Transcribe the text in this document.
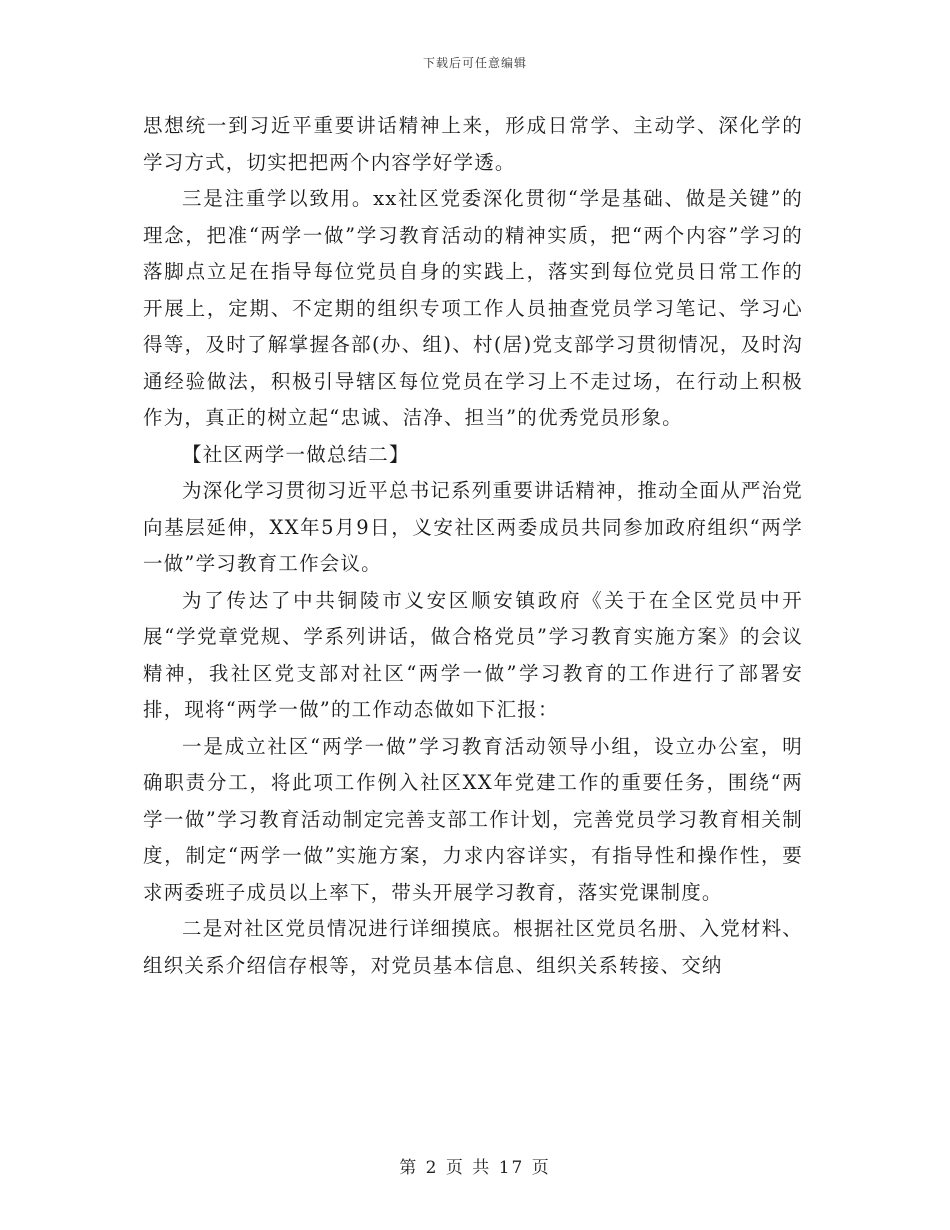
下载后可任意编辑

思想统一到习近平重要讲话精神上来，形成日常学、主动学、深化学的学习方式，切实把把两个内容学好学透。

三是注重学以致用。xx社区党委深化贯彻“学是基础、做是关键”的理念，把准“两学一做”学习教育活动的精神实质，把“两个内容”学习的落脚点立足在指导每位党员自身的实践上，落实到每位党员日常工作的开展上，定期、不定期的组织专项工作人员抽查党员学习笔记、学习心得等，及时了解掌握各部(办、组)、村(居)党支部学习贯彻情况，及时沟通经验做法，积极引导辖区每位党员在学习上不走过场，在行动上积极作为，真正的树立起“忠诚、洁净、担当”的优秀党员形象。

【社区两学一做总结二】

为深化学习贯彻习近平总书记系列重要讲话精神，推动全面从严治党向基层延伸，XX年5月9日，义安社区两委成员共同参加政府组织“两学一做”学习教育工作会议。

为了传达了中共铜陵市义安区顺安镇政府《关于在全区党员中开展“学党章党规、学系列讲话，做合格党员”学习教育实施方案》的会议精神，我社区党支部对社区“两学一做”学习教育的工作进行了部署安排，现将“两学一做”的工作动态做如下汇报：

一是成立社区“两学一做”学习教育活动领导小组，设立办公室，明确职责分工，将此项工作例入社区XX年党建工作的重要任务，围绕“两学一做”学习教育活动制定完善支部工作计划，完善党员学习教育相关制度，制定“两学一做”实施方案，力求内容详实，有指导性和操作性，要求两委班子成员以上率下，带头开展学习教育，落实党课制度。

二是对社区党员情况进行详细摸底。根据社区党员名册、入党材料、组织关系介绍信存根等，对党员基本信息、组织关系转接、交纳

第 2 页 共 17 页
